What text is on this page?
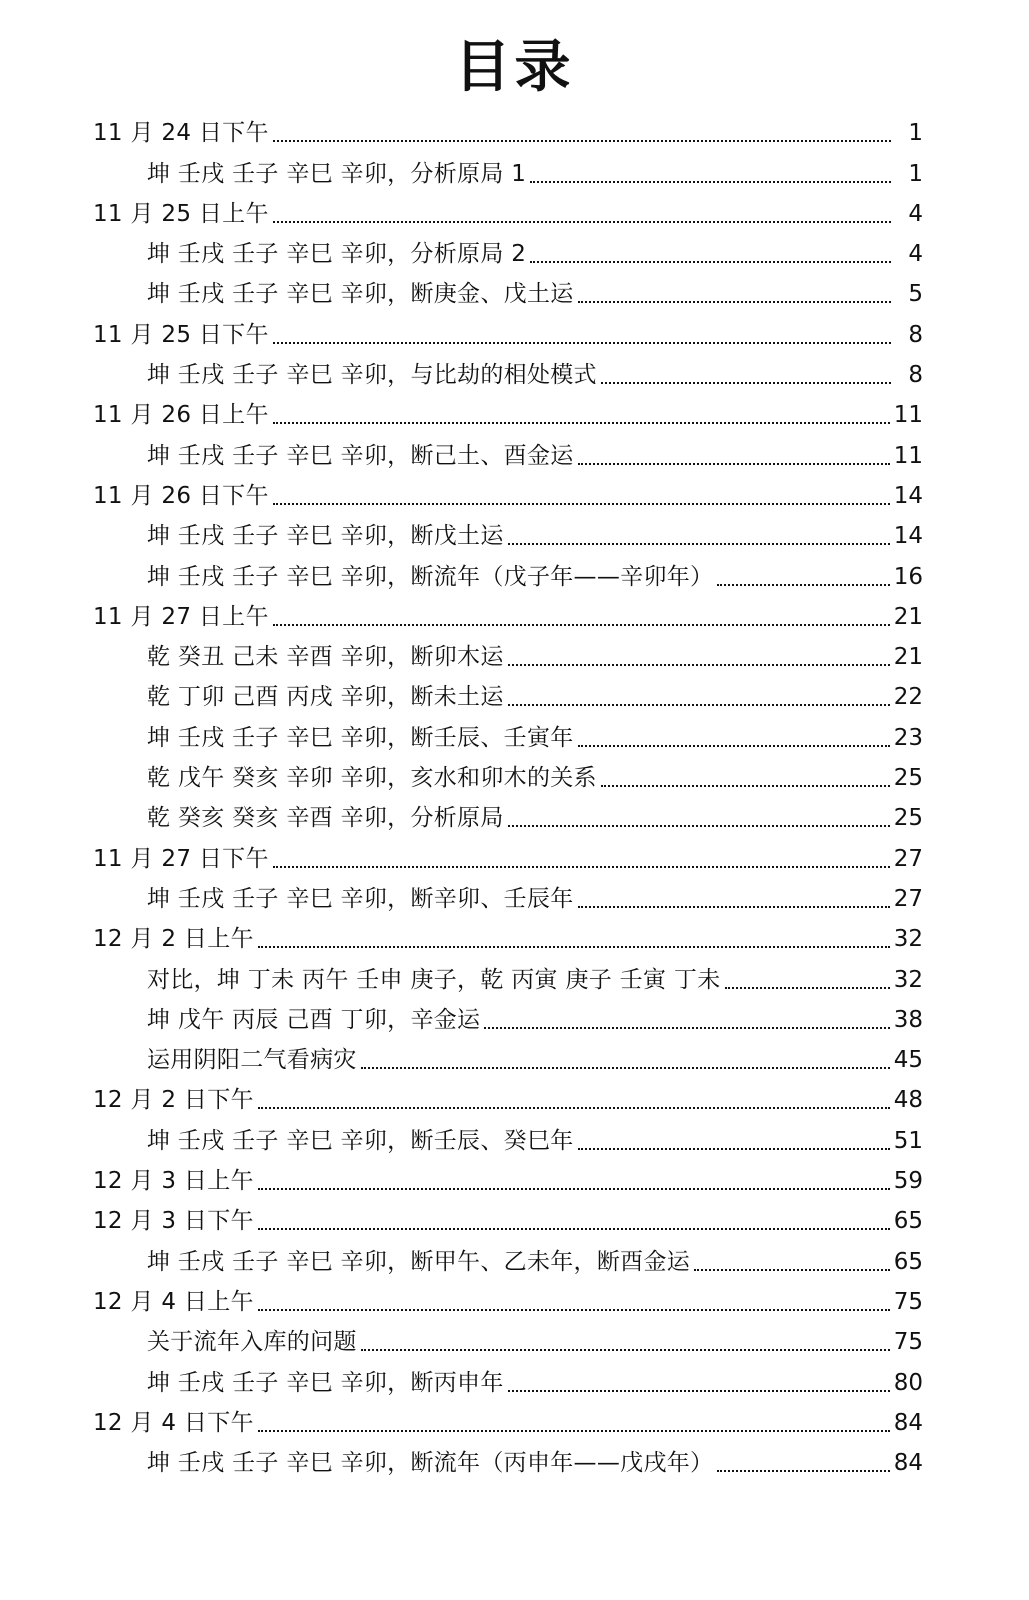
目录
11 月 24 日下午	1
坤 壬戌 壬子 辛巳 辛卯，分析原局 1	1
11 月 25 日上午	4
坤 壬戌 壬子 辛巳 辛卯，分析原局 2	4
坤 壬戌 壬子 辛巳 辛卯，断庚金、戊土运	5
11 月 25 日下午	8
坤 壬戌 壬子 辛巳 辛卯，与比劫的相处模式	8
11 月 26 日上午	11
坤 壬戌 壬子 辛巳 辛卯，断己土、酉金运	11
11 月 26 日下午	14
坤 壬戌 壬子 辛巳 辛卯，断戊土运	14
坤 壬戌 壬子 辛巳 辛卯，断流年（戊子年——辛卯年）	16
11 月 27 日上午	21
乾 癸丑 己未 辛酉 辛卯，断卯木运	21
乾 丁卯 己酉 丙戌 辛卯，断未土运	22
坤 壬戌 壬子 辛巳 辛卯，断壬辰、壬寅年	23
乾 戊午 癸亥 辛卯 辛卯，亥水和卯木的关系	25
乾 癸亥 癸亥 辛酉 辛卯，分析原局	25
11 月 27 日下午	27
坤 壬戌 壬子 辛巳 辛卯，断辛卯、壬辰年	27
12 月 2 日上午	32
对比，坤 丁未 丙午 壬申 庚子，乾 丙寅 庚子 壬寅 丁未	32
坤 戊午 丙辰 己酉 丁卯，辛金运	38
运用阴阳二气看病灾	45
12 月 2 日下午	48
坤 壬戌 壬子 辛巳 辛卯，断壬辰、癸巳年	51
12 月 3 日上午	59
12 月 3 日下午	65
坤 壬戌 壬子 辛巳 辛卯，断甲午、乙未年，断酉金运	65
12 月 4 日上午	75
关于流年入库的问题	75
坤 壬戌 壬子 辛巳 辛卯，断丙申年	80
12 月 4 日下午	84
坤 壬戌 壬子 辛巳 辛卯，断流年（丙申年——戊戌年）	84
